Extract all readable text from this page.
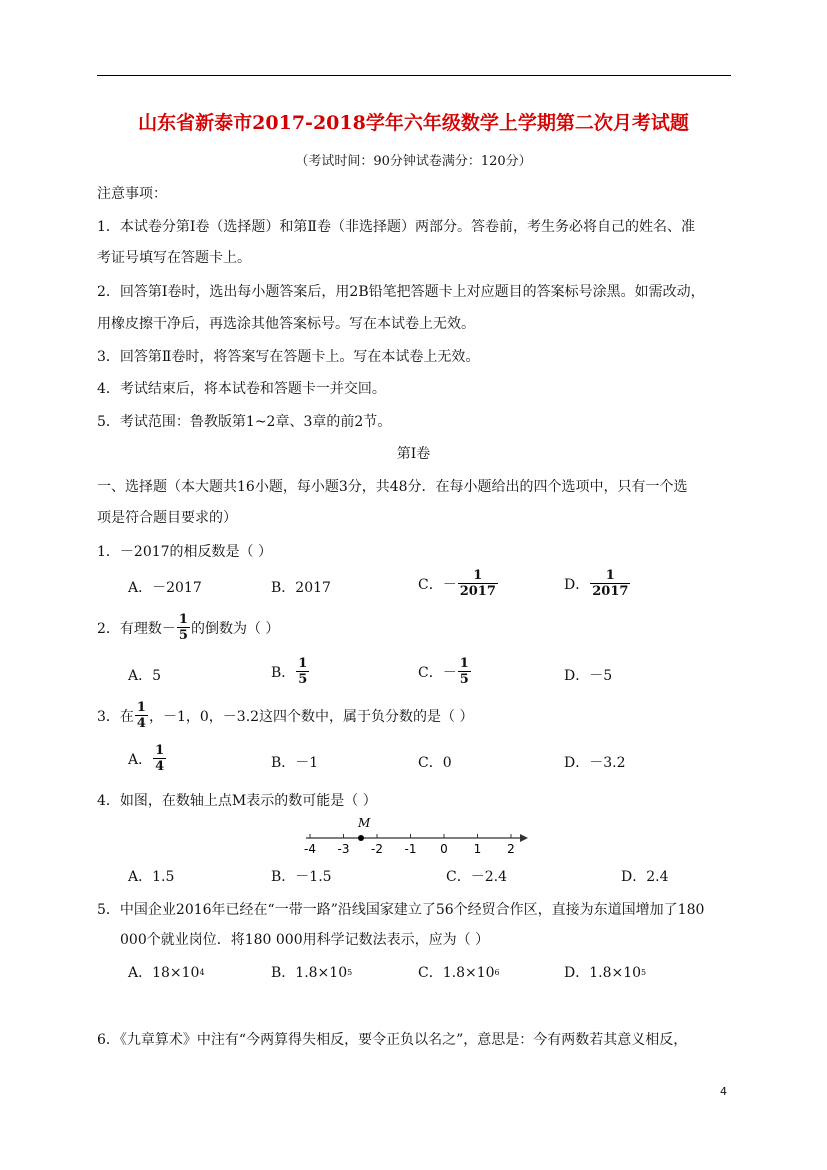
山东省新泰市2017-2018学年六年级数学上学期第二次月考试题
（考试时间：90分钟试卷满分：120分）
注意事项：
1．本试卷分第Ⅰ卷（选择题）和第Ⅱ卷（非选择题）两部分。答卷前，考生务必将自己的姓名、准
考证号填写在答题卡上。
2．回答第Ⅰ卷时，选出每小题答案后，用2B铅笔把答题卡上对应题目的答案标号涂黑。如需改动，
用橡皮擦干净后，再选涂其他答案标号。写在本试卷上无效。
3．回答第Ⅱ卷时，将答案写在答题卡上。写在本试卷上无效。
4．考试结束后，将本试卷和答题卡一并交回。
5．考试范围：鲁教版第1~2章、3章的前2节。
第Ⅰ卷
一、选择题（本大题共16小题，每小题3分，共48分．在每小题给出的四个选项中，只有一个选
项是符合题目要求的）
1．－2017的相反数是（ ）
A．－2017	B．2017	C．－ $\frac{1}{2017}$	D． $\frac{1}{2017}$
2．有理数－ $\frac{1}{5}$ 的倒数为（ ）
A．5	B． $\frac{1}{5}$	C．－ $\frac{1}{5}$	D．－5
3．在 $\frac{1}{4}$ ，－1，0，－3.2这四个数中，属于负分数的是（ ）
A． $\frac{1}{4}$	B．－1	C．0	D．－3.2
4．如图，在数轴上点M表示的数可能是（ ）
-4 -3 -2 -1 0 1 2
M
A．1.5	B．－1.5	C．－2.4	D．2.4
5．中国企业2016年已经在“一带一路”沿线国家建立了56个经贸合作区，直接为东道国增加了180
000个就业岗位．将180 000用科学记数法表示，应为（ ）
A．18×10 4	B．1.8×10 5	C．1.8×10 6	D．1.8×10 5
6．《九章算术》中注有“今两算得失相反，要令正负以名之”，意思是：今有两数若其意义相反，
4
